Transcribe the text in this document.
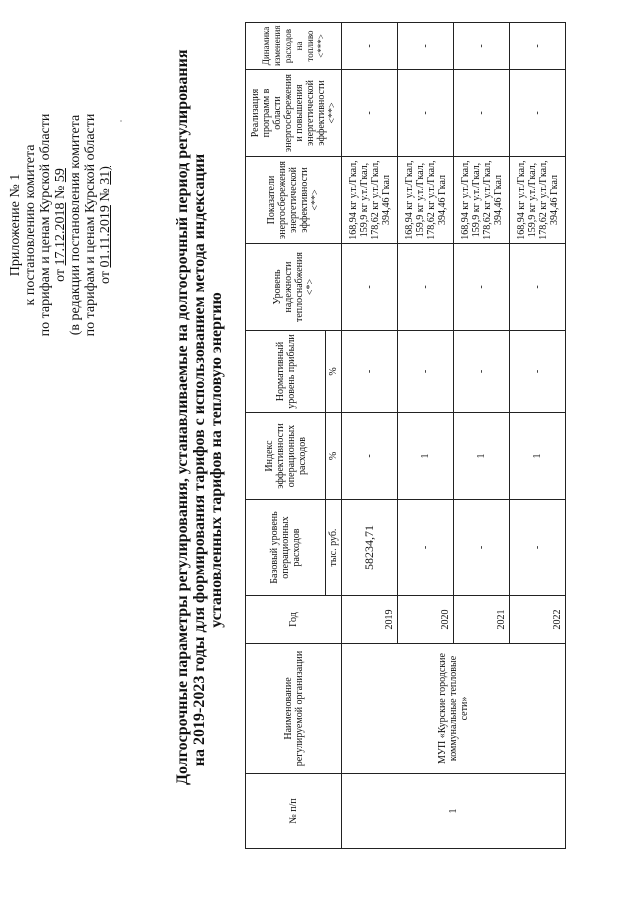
Приложение № 1 к постановлению комитета по тарифам и ценам Курской области от 17.12.2018 № 59 (в редакции постановления комитета по тарифам и ценам Курской области от 01.11.2019 № 31)	Долгосрочные параметры регулирования, устанавливаемые на долгосрочный период регулирования на 2019-2023 годы для формирования тарифов с использованием метода индексации установленных тарифов на тепловую энергию
№ п/п	Наименование регулируемой организации	Год	Базовый уровень операционных расходов	Индекс эффективности операционных расходов	Нормативный уровень прибыли	Уровень надежности теплоснабжения <*>	Показатели энергосбережения энергетической эффективности <**>	Реализация программ в области энергосбережения и повышения энергетической эффективности <**>	Динамика изменения расходов на топливо <***>
			тыс. руб.	%	%				
1	МУП «Курские городские коммунальные тепловые сети»	2019	58234,71	-	-	-	168,94 кг у.т./Гкал, 159,9 кг у.т./Гкал, 178,62 кг у.т./Гкал, 394,46 Гкал	-	-
		2020	-	1	-	-	168,94 кг у.т./Гкал, 159,9 кг у.т./Гкал, 178,62 кг у.т./Гкал, 394,46 Гкал	-	-
		2021	-	1	-	-	168,94 кг у.т./Гкал, 159,9 кг у.т./Гкал, 178,62 кг у.т./Гкал, 394,46 Гкал	-	-
		2022	-	1	-	-	168,94 кг у.т./Гкал, 159,9 кг у.т./Гкал, 178,62 кг у.т./Гкал, 394,46 Гкал	-	-
